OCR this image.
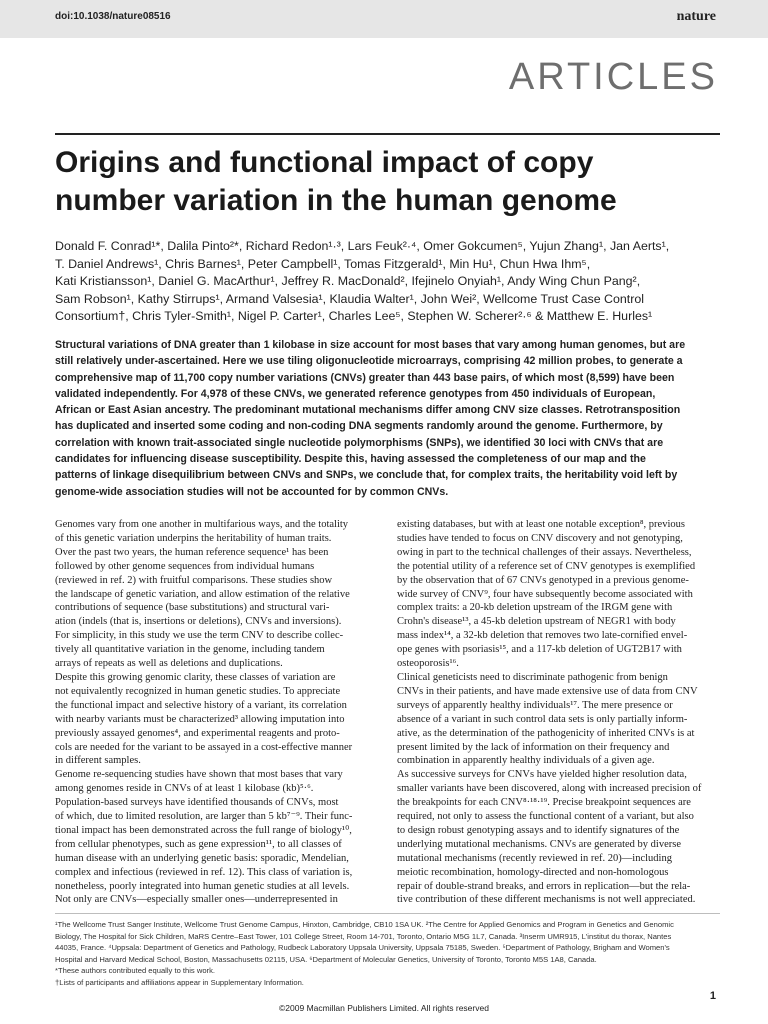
doi:10.1038/nature08516	nature
ARTICLES
Origins and functional impact of copy
number variation in the human genome
Donald F. Conrad¹*, Dalila Pinto²*, Richard Redon¹·³, Lars Feuk²·⁴, Omer Gokcumen⁵, Yujun Zhang¹, Jan Aerts¹,
T. Daniel Andrews¹, Chris Barnes¹, Peter Campbell¹, Tomas Fitzgerald¹, Min Hu¹, Chun Hwa Ihm⁵,
Kati Kristiansson¹, Daniel G. MacArthur¹, Jeffrey R. MacDonald², Ifejinelo Onyiah¹, Andy Wing Chun Pang²,
Sam Robson¹, Kathy Stirrups¹, Armand Valsesia¹, Klaudia Walter¹, John Wei², Wellcome Trust Case Control
Consortium†, Chris Tyler-Smith¹, Nigel P. Carter¹, Charles Lee⁵, Stephen W. Scherer²·⁶ & Matthew E. Hurles¹
Structural variations of DNA greater than 1 kilobase in size account for most bases that vary among human genomes, but are
still relatively under-ascertained. Here we use tiling oligonucleotide microarrays, comprising 42 million probes, to generate a
comprehensive map of 11,700 copy number variations (CNVs) greater than 443 base pairs, of which most (8,599) have been
validated independently. For 4,978 of these CNVs, we generated reference genotypes from 450 individuals of European,
African or East Asian ancestry. The predominant mutational mechanisms differ among CNV size classes. Retrotransposition
has duplicated and inserted some coding and non-coding DNA segments randomly around the genome. Furthermore, by
correlation with known trait-associated single nucleotide polymorphisms (SNPs), we identified 30 loci with CNVs that are
candidates for influencing disease susceptibility. Despite this, having assessed the completeness of our map and the
patterns of linkage disequilibrium between CNVs and SNPs, we conclude that, for complex traits, the heritability void left by
genome-wide association studies will not be accounted for by common CNVs.
Genomes vary from one another in multifarious ways, and the totality
of this genetic variation underpins the heritability of human traits.
Over the past two years, the human reference sequence¹ has been
followed by other genome sequences from individual humans
(reviewed in ref. 2) with fruitful comparisons. These studies show
the landscape of genetic variation, and allow estimation of the relative
contributions of sequence (base substitutions) and structural vari-
ation (indels (that is, insertions or deletions), CNVs and inversions).
For simplicity, in this study we use the term CNV to describe collec-
tively all quantitative variation in the genome, including tandem
arrays of repeats as well as deletions and duplications.
Despite this growing genomic clarity, these classes of variation are
not equivalently recognized in human genetic studies. To appreciate
the functional impact and selective history of a variant, its correlation
with nearby variants must be characterized³ allowing imputation into
previously assayed genomes⁴, and experimental reagents and proto-
cols are needed for the variant to be assayed in a cost-effective manner
in different samples.
Genome re-sequencing studies have shown that most bases that vary
among genomes reside in CNVs of at least 1 kilobase (kb)⁵·⁶.
Population-based surveys have identified thousands of CNVs, most
of which, due to limited resolution, are larger than 5 kb⁷⁻⁹. Their func-
tional impact has been demonstrated across the full range of biology¹⁰,
from cellular phenotypes, such as gene expression¹¹, to all classes of
human disease with an underlying genetic basis: sporadic, Mendelian,
complex and infectious (reviewed in ref. 12). This class of variation is,
nonetheless, poorly integrated into human genetic studies at all levels.
Not only are CNVs—especially smaller ones—underrepresented in
existing databases, but with at least one notable exception⁸, previous
studies have tended to focus on CNV discovery and not genotyping,
owing in part to the technical challenges of their assays. Nevertheless,
the potential utility of a reference set of CNV genotypes is exemplified
by the observation that of 67 CNVs genotyped in a previous genome-
wide survey of CNV⁹, four have subsequently become associated with
complex traits: a 20-kb deletion upstream of the IRGM gene with
Crohn's disease¹³, a 45-kb deletion upstream of NEGR1 with body
mass index¹⁴, a 32-kb deletion that removes two late-cornified envel-
ope genes with psoriasis¹⁵, and a 117-kb deletion of UGT2B17 with
osteoporosis¹⁶.
Clinical geneticists need to discriminate pathogenic from benign
CNVs in their patients, and have made extensive use of data from CNV
surveys of apparently healthy individuals¹⁷. The mere presence or
absence of a variant in such control data sets is only partially inform-
ative, as the determination of the pathogenicity of inherited CNVs is at
present limited by the lack of information on their frequency and
combination in apparently healthy individuals of a given age.
As successive surveys for CNVs have yielded higher resolution data,
smaller variants have been discovered, along with increased precision of
the breakpoints for each CNV⁸·¹⁸·¹⁹. Precise breakpoint sequences are
required, not only to assess the functional content of a variant, but also
to design robust genotyping assays and to identify signatures of the
underlying mutational mechanisms. CNVs are generated by diverse
mutational mechanisms (recently reviewed in ref. 20)—including
meiotic recombination, homology-directed and non-homologous
repair of double-strand breaks, and errors in replication—but the rela-
tive contribution of these different mechanisms is not well appreciated.
¹The Wellcome Trust Sanger Institute, Wellcome Trust Genome Campus, Hinxton, Cambridge, CB10 1SA UK. ²The Centre for Applied Genomics and Program in Genetics and Genomic
Biology, The Hospital for Sick Children, MaRS Centre–East Tower, 101 College Street, Room 14-701, Toronto, Ontario M5G 1L7, Canada. ³Inserm UMR915, L'institut du thorax, Nantes
44035, France. ⁴Uppsala: Department of Genetics and Pathology, Rudbeck Laboratory Uppsala University, Uppsala 75185, Sweden. ⁵Department of Pathology, Brigham and Women's
Hospital and Harvard Medical School, Boston, Massachusetts 02115, USA. ⁶Department of Molecular Genetics, University of Toronto, Toronto M5S 1A8, Canada.
*These authors contributed equally to this work.
†Lists of participants and affiliations appear in Supplementary Information.
1
©2009 Macmillan Publishers Limited. All rights reserved
